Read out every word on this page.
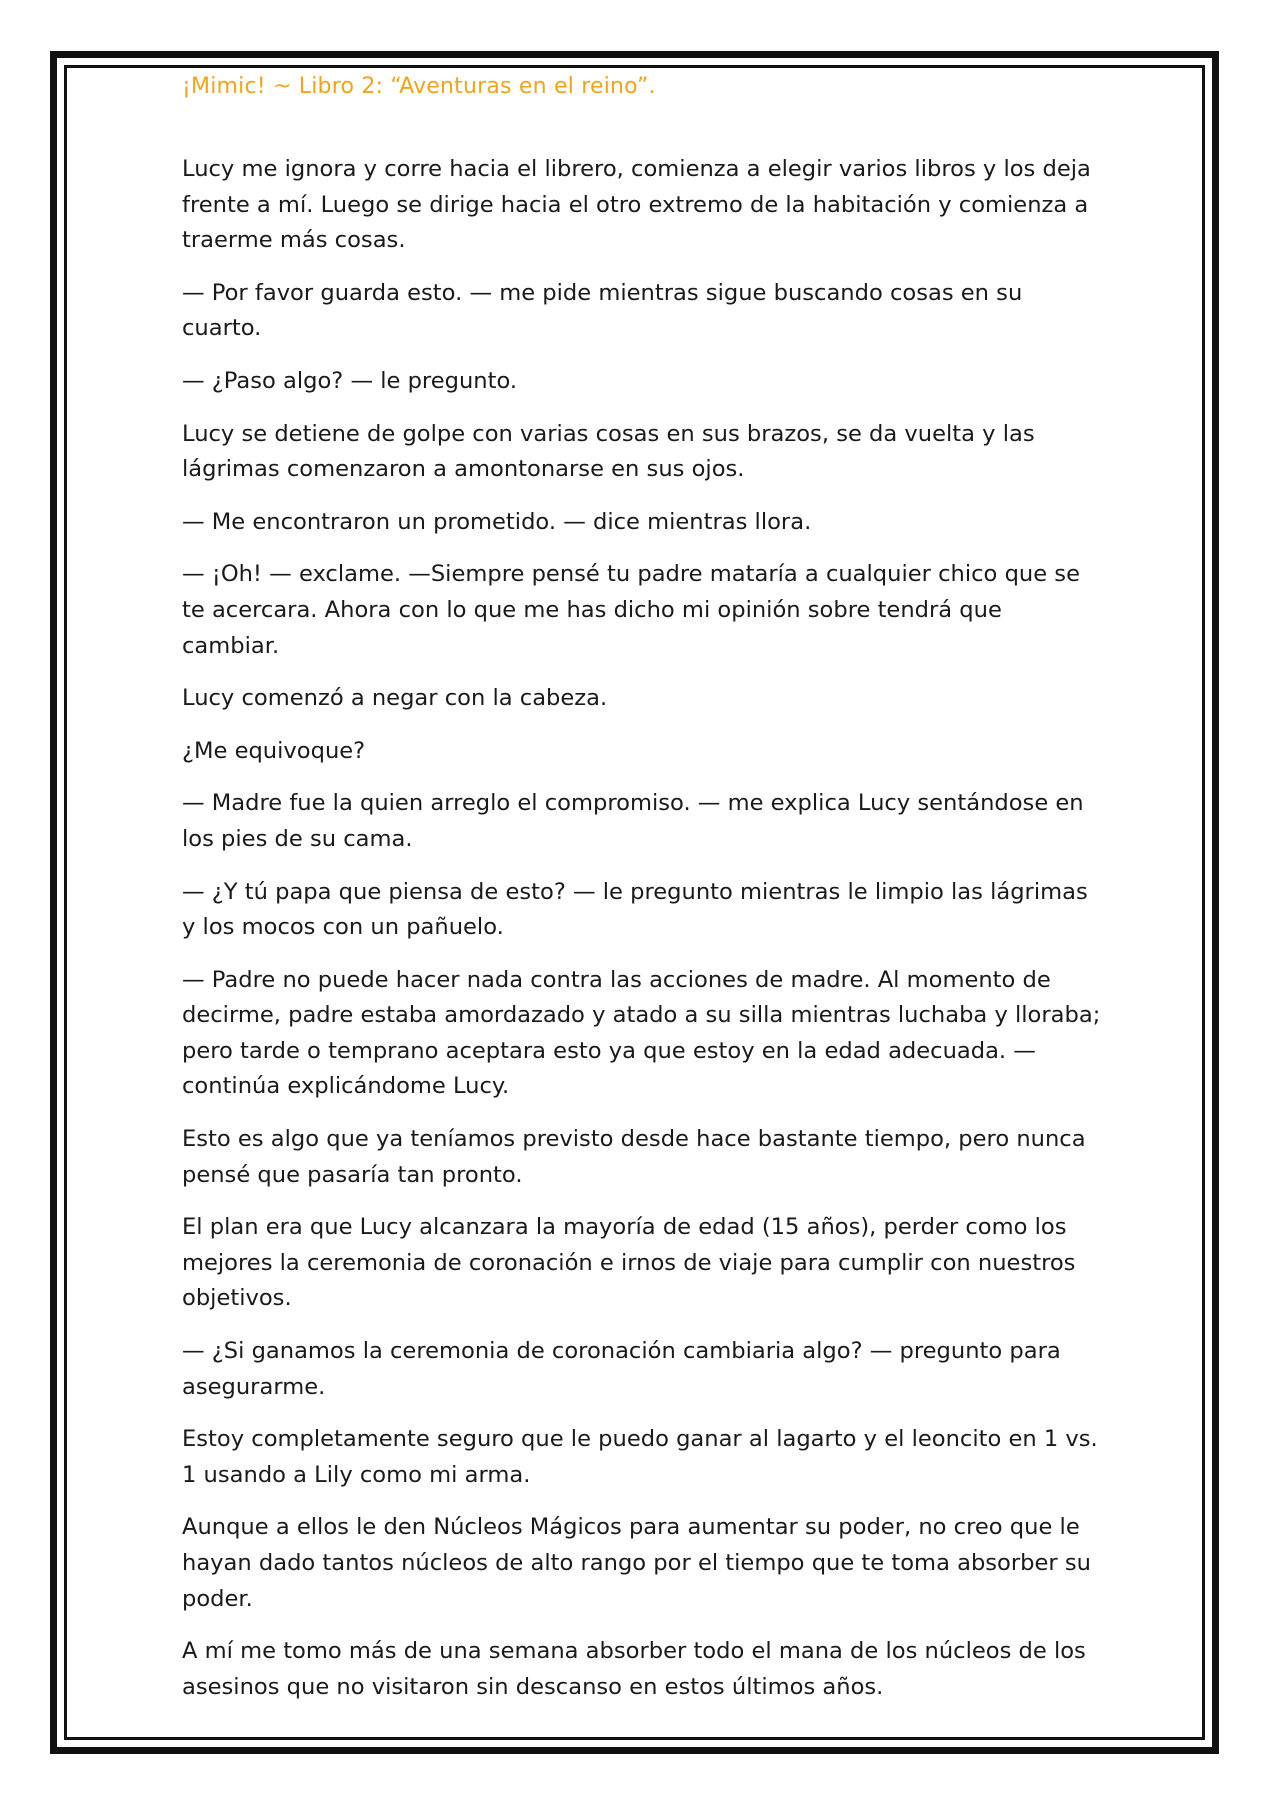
¡Mimic! ~ Libro 2: “Aventuras en el reino”.

Lucy me ignora y corre hacia el librero, comienza a elegir varios libros y los deja frente a mí. Luego se dirige hacia el otro extremo de la habitación y comienza a traerme más cosas.

— Por favor guarda esto. — me pide mientras sigue buscando cosas en su cuarto.

— ¿Paso algo? — le pregunto.

Lucy se detiene de golpe con varias cosas en sus brazos, se da vuelta y las lágrimas comenzaron a amontonarse en sus ojos.

— Me encontraron un prometido. — dice mientras llora.

— ¡Oh! — exclame. —Siempre pensé tu padre mataría a cualquier chico que se te acercara. Ahora con lo que me has dicho mi opinión sobre tendrá que cambiar.

Lucy comenzó a negar con la cabeza.

¿Me equivoque?

— Madre fue la quien arreglo el compromiso. — me explica Lucy sentándose en los pies de su cama.

— ¿Y tú papa que piensa de esto? — le pregunto mientras le limpio las lágrimas y los mocos con un pañuelo.

— Padre no puede hacer nada contra las acciones de madre. Al momento de decirme, padre estaba amordazado y atado a su silla mientras luchaba y lloraba; pero tarde o temprano aceptara esto ya que estoy en la edad adecuada. — continúa explicándome Lucy.

Esto es algo que ya teníamos previsto desde hace bastante tiempo, pero nunca pensé que pasaría tan pronto.

El plan era que Lucy alcanzara la mayoría de edad (15 años), perder como los mejores la ceremonia de coronación e irnos de viaje para cumplir con nuestros objetivos.

— ¿Si ganamos la ceremonia de coronación cambiaria algo? — pregunto para asegurarme.

Estoy completamente seguro que le puedo ganar al lagarto y el leoncito en 1 vs. 1 usando a Lily como mi arma.

Aunque a ellos le den Núcleos Mágicos para aumentar su poder, no creo que le hayan dado tantos núcleos de alto rango por el tiempo que te toma absorber su poder.

A mí me tomo más de una semana absorber todo el mana de los núcleos de los asesinos que no visitaron sin descanso en estos últimos años.
